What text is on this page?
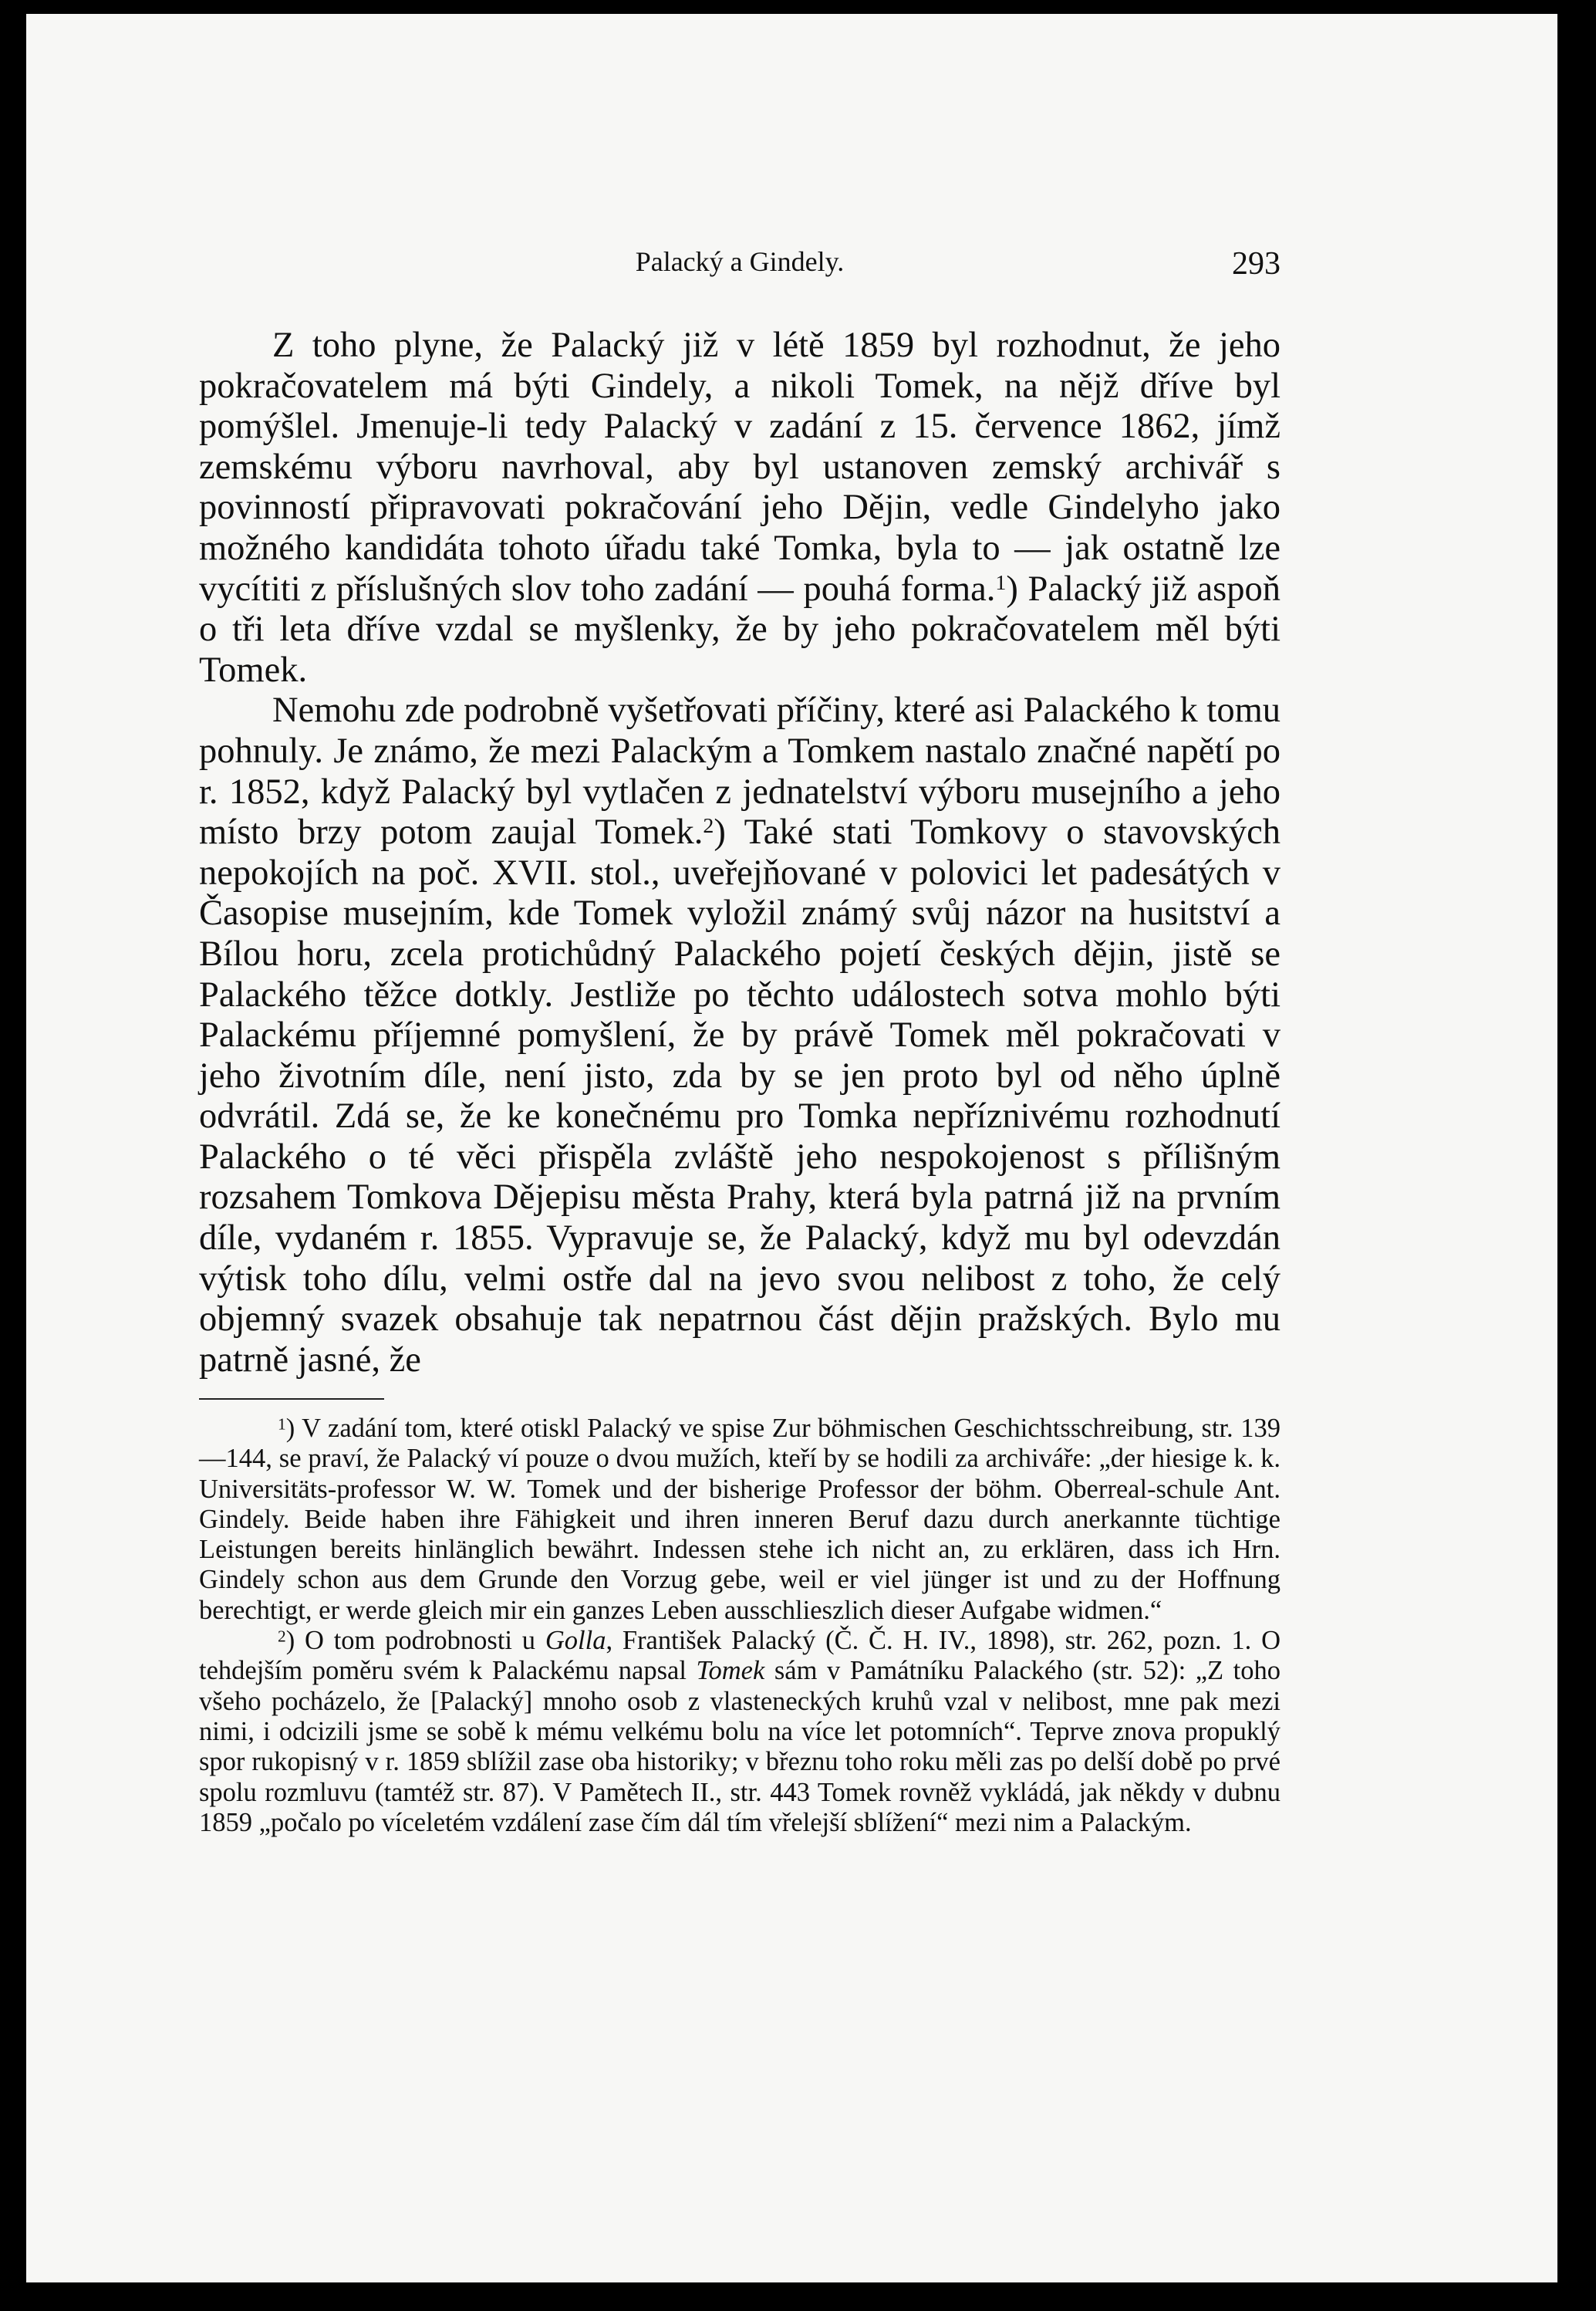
Palacký a Gindely.	293

Z toho plyne, že Palacký již v létě 1859 byl rozhodnut, že jeho pokračovatelem má býti Gindely, a nikoli Tomek, na nějž dříve byl pomýšlel. Jmenuje-li tedy Palacký v zadání z 15. července 1862, jímž zemskému výboru navrhoval, aby byl ustanoven zemský archivář s povinností připravovati pokračování jeho Dějin, vedle Gindelyho jako možného kandidáta tohoto úřadu také Tomka, byla to — jak ostatně lze vycítiti z příslušných slov toho zadání — pouhá forma.$^1$) Palacký již aspoň o tři leta dříve vzdal se myšlenky, že by jeho pokračovatelem měl býti Tomek.

Nemohu zde podrobně vyšetřovati příčiny, které asi Palackého k tomu pohnuly. Je známo, že mezi Palackým a Tomkem nastalo značné napětí po r. 1852, když Palacký byl vytlačen z jednatelství výboru musejního a jeho místo brzy potom zaujal Tomek.$^2$) Také stati Tomkovy o stavovských nepokojích na poč. XVII. stol., uveřejňované v polovici let padesátých v Časopise musejním, kde Tomek vyložil známý svůj názor na husitství a Bílou horu, zcela protichůdný Palackého pojetí českých dějin, jistě se Palackého těžce dotkly. Jestliže po těchto událostech sotva mohlo býti Palackému příjemné pomyšlení, že by právě Tomek měl pokračovati v jeho životním díle, není jisto, zda by se jen proto byl od něho úplně odvrátil. Zdá se, že ke konečnému pro Tomka nepříznivému rozhodnutí Palackého o té věci přispěla zvláště jeho nespokojenost s přílišným rozsahem Tomkova Dějepisu města Prahy, která byla patrná již na prvním díle, vydaném r. 1855. Vypravuje se, že Palacký, když mu byl odevzdán výtisk toho dílu, velmi ostře dal na jevo svou nelibost z toho, že celý objemný svazek obsahuje tak nepatrnou část dějin pražských. Bylo mu patrně jasné, že

$^1$) V zadání tom, které otiskl Palacký ve spise Zur böhmischen Geschichtsschreibung, str. 139—144, se praví, že Palacký ví pouze o dvou mužích, kteří by se hodili za archiváře: „der hiesige k. k. Universitäts-professor W. W. Tomek und der bisherige Professor der böhm. Oberreal-schule Ant. Gindely. Beide haben ihre Fähigkeit und ihren inneren Beruf dazu durch anerkannte tüchtige Leistungen bereits hinlänglich bewährt. Indessen stehe ich nicht an, zu erklären, dass ich Hrn. Gindely schon aus dem Grunde den Vorzug gebe, weil er viel jünger ist und zu der Hoffnung berechtigt, er werde gleich mir ein ganzes Leben ausschlieszlich dieser Aufgabe widmen.“

$^2$) O tom podrobnosti u Golla, František Palacký (Č. Č. H. IV., 1898), str. 262, pozn. 1. O tehdejším poměru svém k Palackému napsal Tomek sám v Památníku Palackého (str. 52): „Z toho všeho pocházelo, že [Palacký] mnoho osob z vlasteneckých kruhů vzal v nelibost, mne pak mezi nimi, i odcizili jsme se sobě k mému velkému bolu na více let potomních“. Teprve znova propuklý spor rukopisný v r. 1859 sblížil zase oba historiky; v březnu toho roku měli zas po delší době po prvé spolu rozmluvu (tamtéž str. 87). V Pamětech II., str. 443 Tomek rovněž vykládá, jak někdy v dubnu 1859 „počalo po víceletém vzdálení zase čím dál tím vřelejší sblížení“ mezi nim a Palackým.
